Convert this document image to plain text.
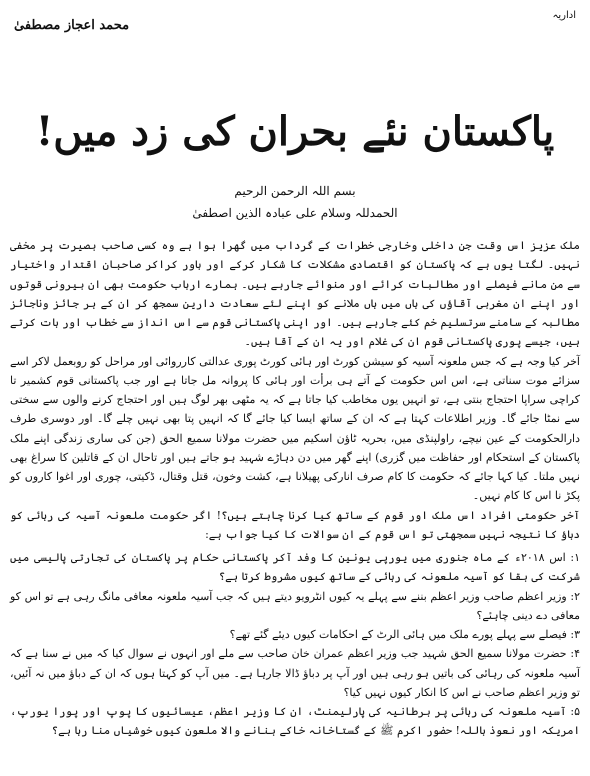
محمد اعجاز مصطفیٰ
اداریہ
پاکستان نئے بحران کی زد میں!
بسم اللہ الرحمن الرحیم
الحمدللہ وسلام علی عبادہ الذین اصطفیٰ

ملک عزیز اس وقت جن داخلی وخارجی خطرات کے گرداب میں گھرا ہوا ہے وہ کسی صاحب بصیرت پر مخفی نہیں۔ لگتا یوں ہے کہ پاکستان کو اقتصادی مشکلات کا شکار کرکے اور باور کراکر صاحبان اقتدار واختیار سے من مانے فیصلے اور مطالبات کرائے اور منوائے جارہے ہیں۔ ہمارے ارباب حکومت بھی ان بیرونی قوتوں اور اپنے ان مغربی آقاؤں کی ہاں میں ہاں ملانے کو اپنے لئے سعادت دارین سمجھ کر ان کے ہر جائز وناجائز مطالبہ کے سامنے سرتسلیم خم کئے جارہے ہیں۔ اور اپنی پاکستانی قوم سے اس انداز سے خطاب اور بات کرتے ہیں، جیسے پوری پاکستانی قوم ان کی غلام اور یہ ان کے آقا ہیں۔

آخر کیا وجہ ہے کہ جس ملعونہ آسیہ کو سیشن کورٹ اور ہائی کورٹ پوری عدالتی کارروائی اور مراحل کو روبعمل لاکر اسے سزائے موت سناتی ہے، اس اس حکومت کے آتے ہی برأت اور ہائی کا پروانہ مل جاتا ہے اور جب پاکستانی قوم کشمیر تا کراچی سراپا احتجاج بنتی ہے، تو انہیں یوں مخاطب کیا جاتا ہے کہ یہ مٹھی بھر لوگ ہیں اور احتجاج کرنے والوں سے سختی سے نمٹا جائے گا۔ وزیر اطلاعات کہتا ہے کہ ان کے ساتھ ایسا کیا جائے گا کہ انہیں پتا بھی نہیں چلے گا۔ اور دوسری طرف دارالحکومت کے عین نیچے، راولپنڈی میں، بحریہ ٹاؤن اسکیم میں حضرت مولانا سمیع الحق (جن کی ساری زندگی اپنے ملک پاکستان کے استحکام اور حفاظت میں گزری) اپنے گھر میں دن دہاڑے شہید ہو جاتے ہیں اور تاحال ان کے قاتلین کا سراغ بھی نہیں ملتا۔ کیا کہا جائے کہ حکومت کا کام صرف انارکی پھیلانا ہے، کشت وخون، قتل وقتال، ڈکیتی، چوری اور اغوا کاروں کو پکڑ نا اس کا کام نہیں۔

آخر حکومتی افراد اس ملک اور قوم کے ساتھ کیا کرنا چاہتے ہیں؟! اگر حکومت ملعونہ آسیہ کی رہائی کو دباؤ کا نتیجہ نہیں سمجھتی تو اس قوم کے ان سوالات کا کیا جواب ہے:

۱: اس ۲۰۱۸ء کے ماہ جنوری میں یورپی یونین کا وفد آکر پاکستانی حکام پر پاکستان کی تجارتی پالیسی میں شرکت کی بقا کو آسیہ ملعونہ کی رہائی کے ساتھ کیوں مشروط کرتا ہے؟

۲: وزیر اعظم صاحب وزیر اعظم بننے سے پہلے یہ کیوں انٹرویو دیتے ہیں کہ جب آسیہ ملعونہ معافی مانگ رہی ہے تو اس کو معافی دے دینی چاہئے؟

۳: فیصلے سے پہلے پورے ملک میں ہائی الرٹ کے احکامات کیوں دیئے گئے تھے؟

۴: حضرت مولانا سمیع الحق شہید جب وزیر اعظم عمران خان صاحب سے ملے اور انہوں نے سوال کیا کہ میں نے سنا ہے کہ آسیہ ملعونہ کی رہائی کی باتیں ہو رہی ہیں اور آپ پر دباؤ ڈالا جارہا ہے۔ میں آپ کو کہتا ہوں کہ ان کے دباؤ میں نہ آئیں، تو وزیر اعظم صاحب نے اس کا انکار کیوں نہیں کیا؟

۵: آسیہ ملعونہ کی رہائی پر برطانیہ کی پارلیمنٹ، ان کا وزیر اعظم، عیسائیوں کا پوپ اور پورا یورپ، امریکہ اور نعوذ باللہ! حضور اکرم ﷺ کے گستاخانہ خاکے بنانے والا ملعون کیوں خوشیاں منا رہا ہے؟
